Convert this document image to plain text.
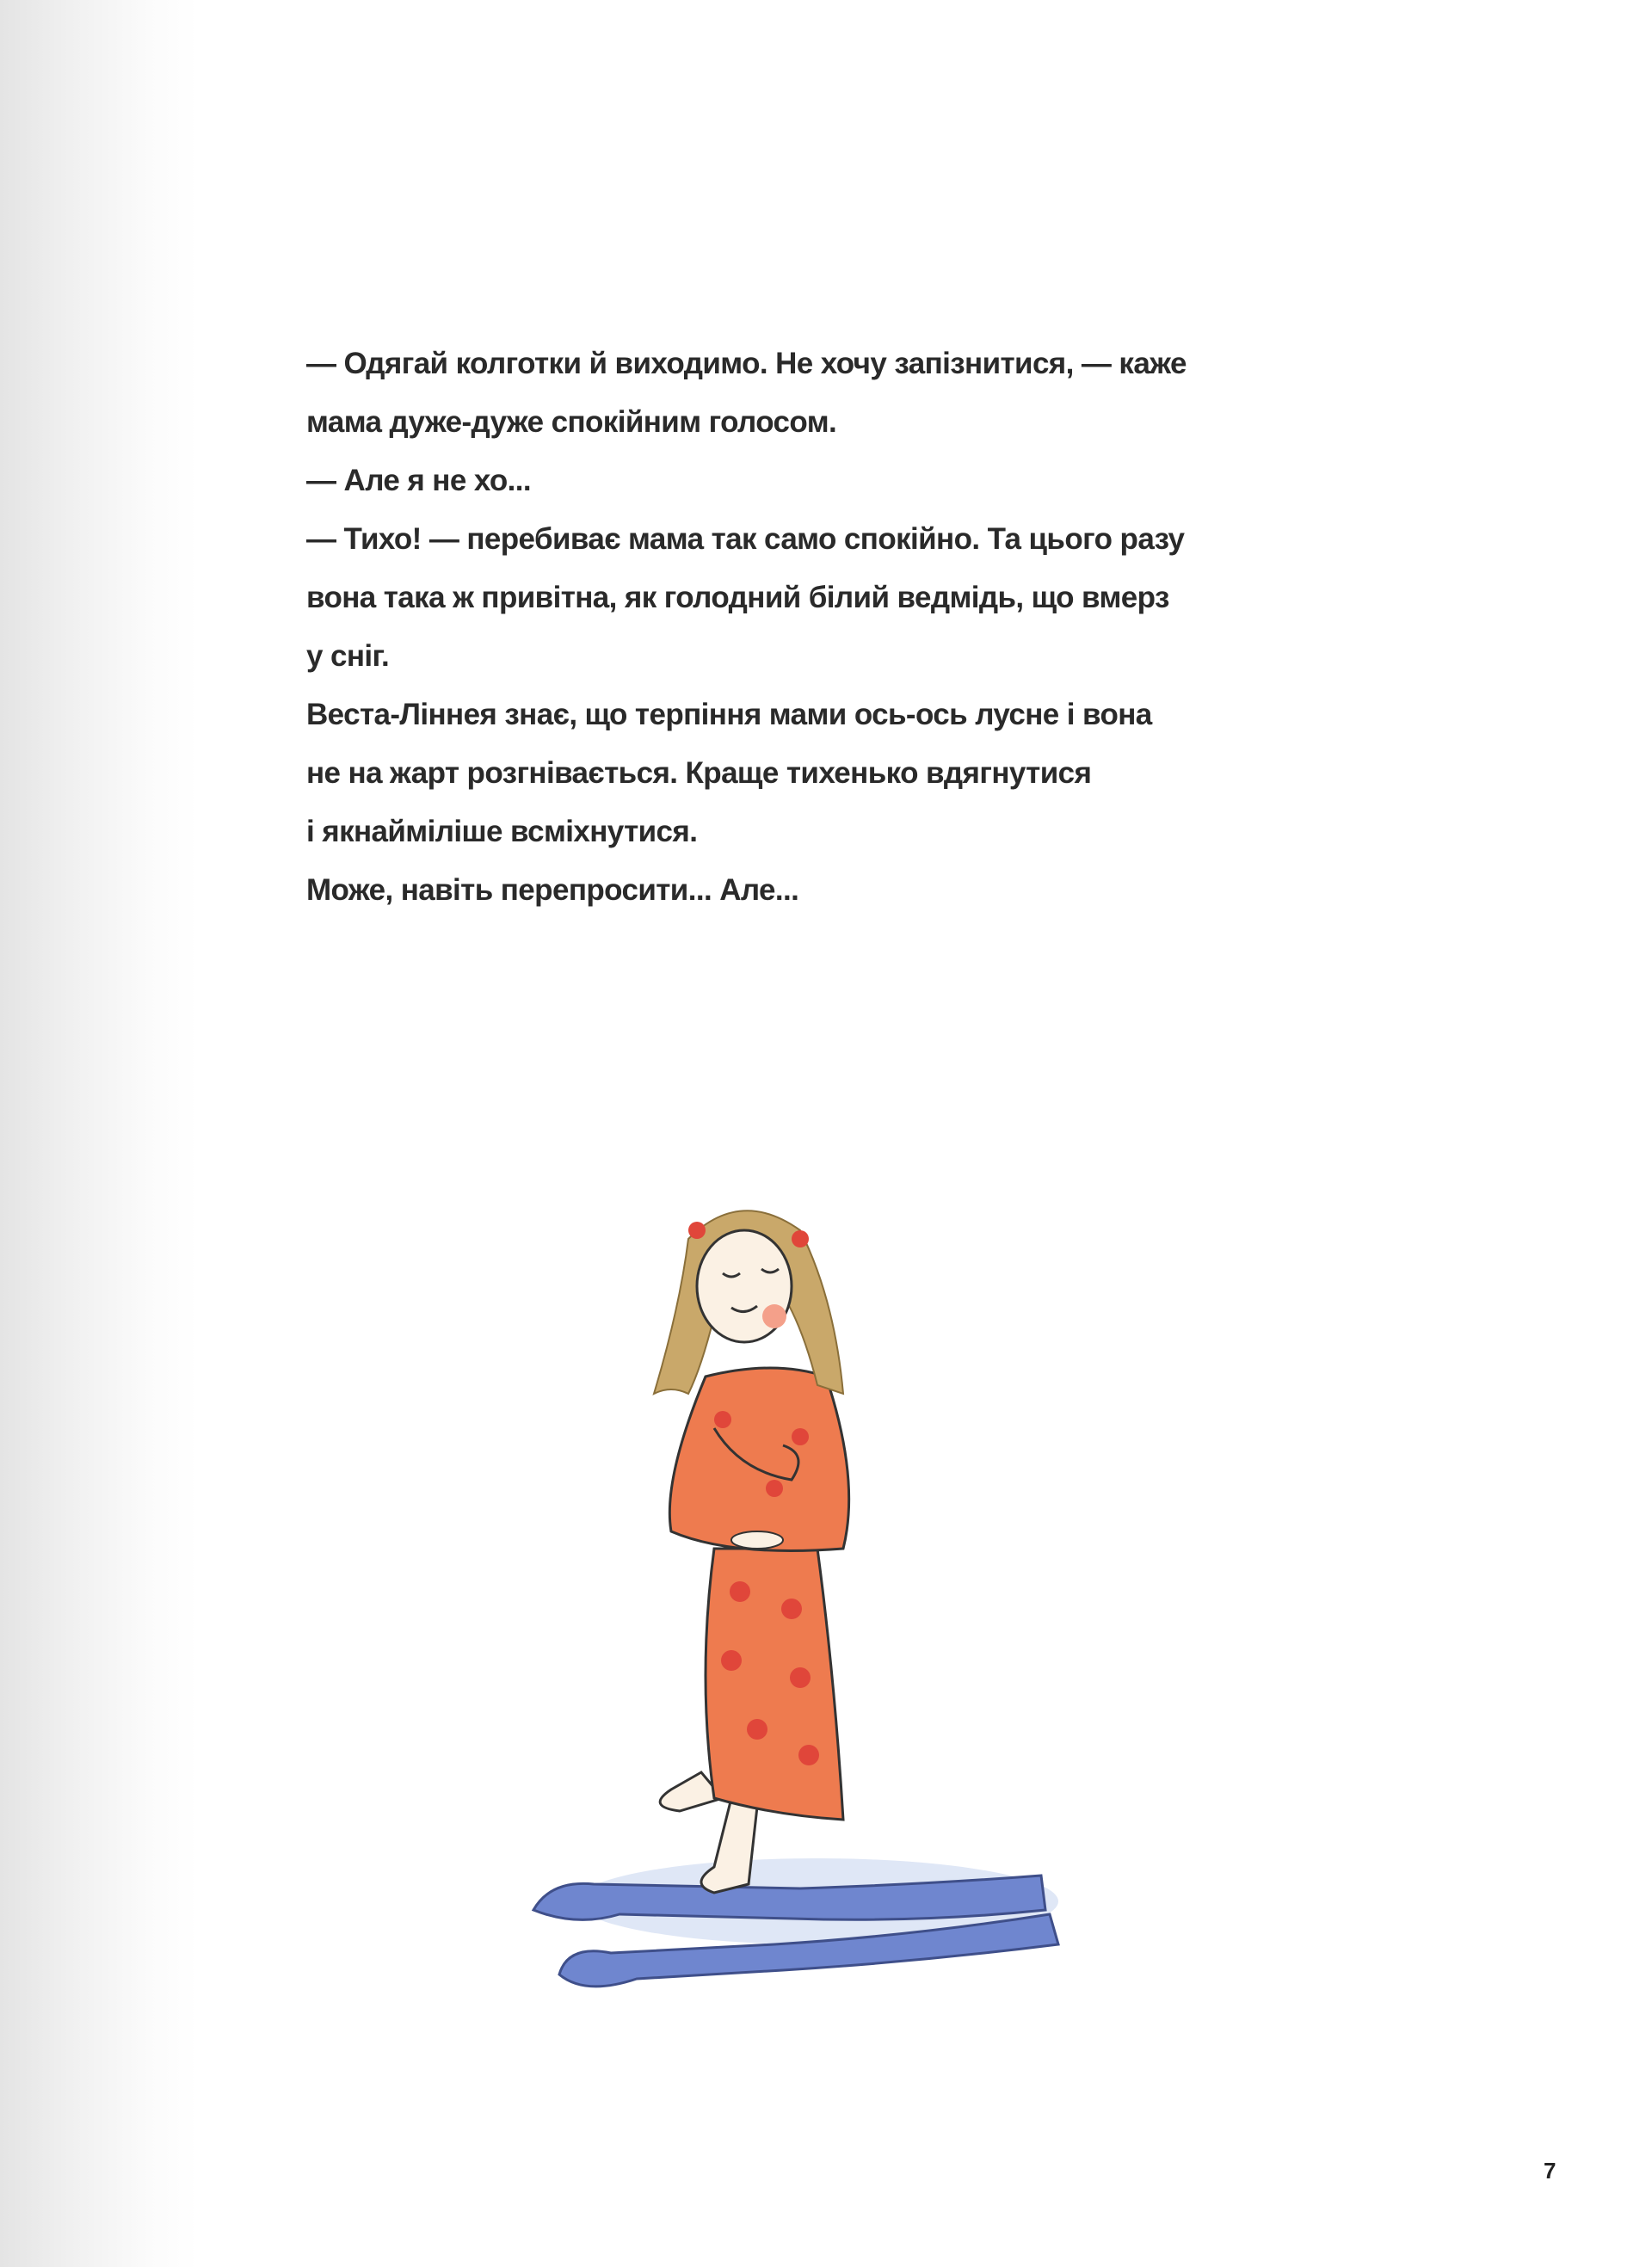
— Одягай колготки й виходимо. Не хочу запізнитися, — каже
мама дуже-дуже спокійним голосом.
— Але я не хо...
— Тихо! — перебиває мама так само спокійно. Та цього разу
вона така ж привітна, як голодний білий ведмідь, що вмерз
у сніг.
Веста-Ліннея знає, що терпіння мами ось-ось лусне і вона
не на жарт розгнівається. Краще тихенько вдягнутися
і якнайміліше всміхнутися.
Може, навіть перепросити... Але...
7
